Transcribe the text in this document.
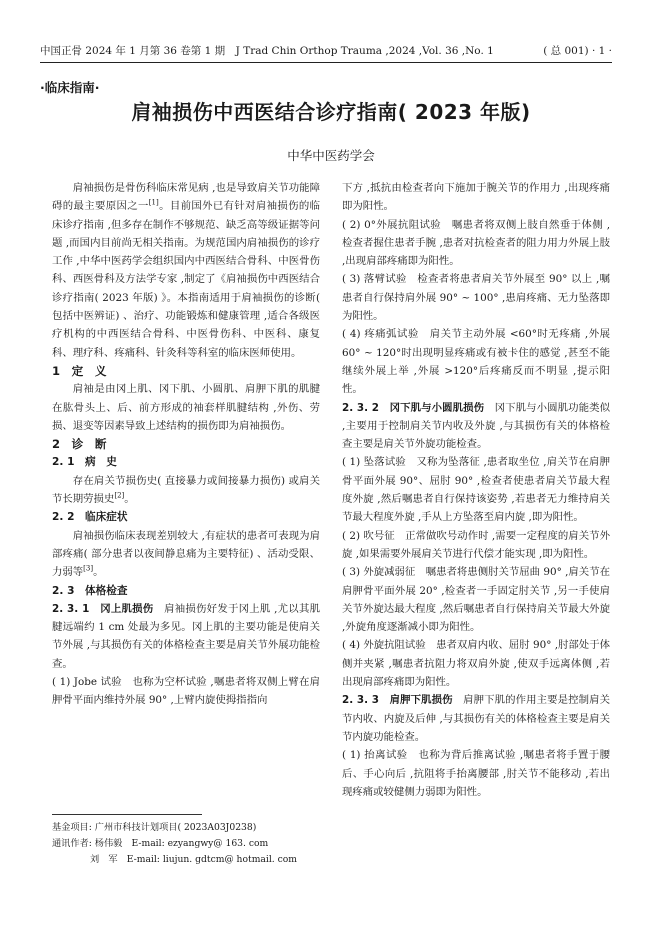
中国正骨 2024 年 1 月第 36 卷第 1 期　J Trad Chin Orthop Trauma ,2024 ,Vol. 36 ,No. 1	( 总 001) · 1 ·
·临床指南·
肩袖损伤中西医结合诊疗指南( 2023 年版)
中华中医药学会

肩袖损伤是骨伤科临床常见病 ,也是导致肩关节功能障碍的最主要原因之一[1]。目前国外已有针对肩袖损伤的临床诊疗指南 ,但多存在制作不够规范、缺乏高等级证据等问题 ,而国内目前尚无相关指南。为规范国内肩袖损伤的诊疗工作 ,中华中医药学会组织国内中西医结合骨科、中医骨伤科、西医骨科及方法学专家 ,制定了《肩袖损伤中西医结合诊疗指南( 2023 年版) 》。本指南适用于肩袖损伤的诊断( 包括中医辨证) 、治疗、功能锻炼和健康管理 ,适合各级医疗机构的中西医结合骨科、中医骨伤科、中医科、康复科、理疗科、疼痛科、针灸科等科室的临床医师使用。

1　定　义

肩袖是由冈上肌、冈下肌、小圆肌、肩胛下肌的肌腱在肱骨头上、后、前方形成的袖套样肌腱结构 ,外伤、劳损、退变等因素导致上述结构的损伤即为肩袖损伤。

2　诊　断

2. 1　病　史

存在肩关节损伤史( 直接暴力或间接暴力损伤) 或肩关节长期劳损史[2]。

2. 2　临床症状

肩袖损伤临床表现差别较大 ,有症状的患者可表现为肩部疼痛( 部分患者以夜间静息痛为主要特征) 、活动受限、力弱等[3]。

2. 3　体格检查

2. 3. 1　冈上肌损伤　肩袖损伤好发于冈上肌 ,尤以其肌腱远端约 1 cm 处最为多见。冈上肌的主要功能是使肩关节外展 ,与其损伤有关的体格检查主要是肩关节外展功能检查。

( 1) Jobe 试验　也称为空杯试验 ,嘱患者将双侧上臂在肩胛骨平面内维持外展 90° ,上臂内旋使拇指指向

下方 ,抵抗由检查者向下施加于腕关节的作用力 ,出现疼痛即为阳性。

( 2) 0°外展抗阻试验　嘱患者将双侧上肢自然垂于体侧 ,检查者握住患者手腕 ,患者对抗检查者的阻力用力外展上肢 ,出现肩部疼痛即为阳性。

( 3) 落臂试验　检查者将患者肩关节外展至 90° 以上 ,嘱患者自行保持肩外展 90° ~ 100° ,患肩疼痛、无力坠落即为阳性。

( 4) 疼痛弧试验　肩关节主动外展 <60°时无疼痛 ,外展 60° ~ 120°时出现明显疼痛或有被卡住的感觉 ,甚至不能继续外展上举 ,外展 >120°后疼痛反而不明显 ,提示阳性。

2. 3. 2　冈下肌与小圆肌损伤　冈下肌与小圆肌功能类似 ,主要用于控制肩关节内收及外旋 ,与其损伤有关的体格检查主要是肩关节外旋功能检查。

( 1) 坠落试验　又称为坠落征 ,患者取坐位 ,肩关节在肩胛骨平面外展 90°、屈肘 90° ,检查者使患者肩关节最大程度外旋 ,然后嘱患者自行保持该姿势 ,若患者无力维持肩关节最大程度外旋 ,手从上方坠落至肩内旋 ,即为阳性。

( 2) 吹号征　正常做吹号动作时 ,需要一定程度的肩关节外旋 ,如果需要外展肩关节进行代偿才能实现 ,即为阳性。

( 3) 外旋减弱征　嘱患者将患侧肘关节屈曲 90° ,肩关节在肩胛骨平面外展 20° ,检查者一手固定肘关节 ,另一手使肩关节外旋达最大程度 ,然后嘱患者自行保持肩关节最大外旋 ,外旋角度逐渐减小即为阳性。

( 4) 外旋抗阻试验　患者双肩内收、屈肘 90° ,肘部处于体侧并夹紧 ,嘱患者抗阻力将双肩外旋 ,使双手远离体侧 ,若出现肩部疼痛即为阳性。

2. 3. 3　肩胛下肌损伤　肩胛下肌的作用主要是控制肩关节内收、内旋及后伸 ,与其损伤有关的体格检查主要是肩关节内旋功能检查。

( 1) 抬离试验　也称为背后推离试验 ,嘱患者将手置于腰后、手心向后 ,抗阻将手抬离腰部 ,肘关节不能移动 ,若出现疼痛或较健侧力弱即为阳性。

基金项目: 广州市科技计划项目( 2023A03J0238)
通讯作者: 杨伟毅　E-mail: ezyangwy@ 163. com
刘　军　E-mail: liujun. gdtcm@ hotmail. com
